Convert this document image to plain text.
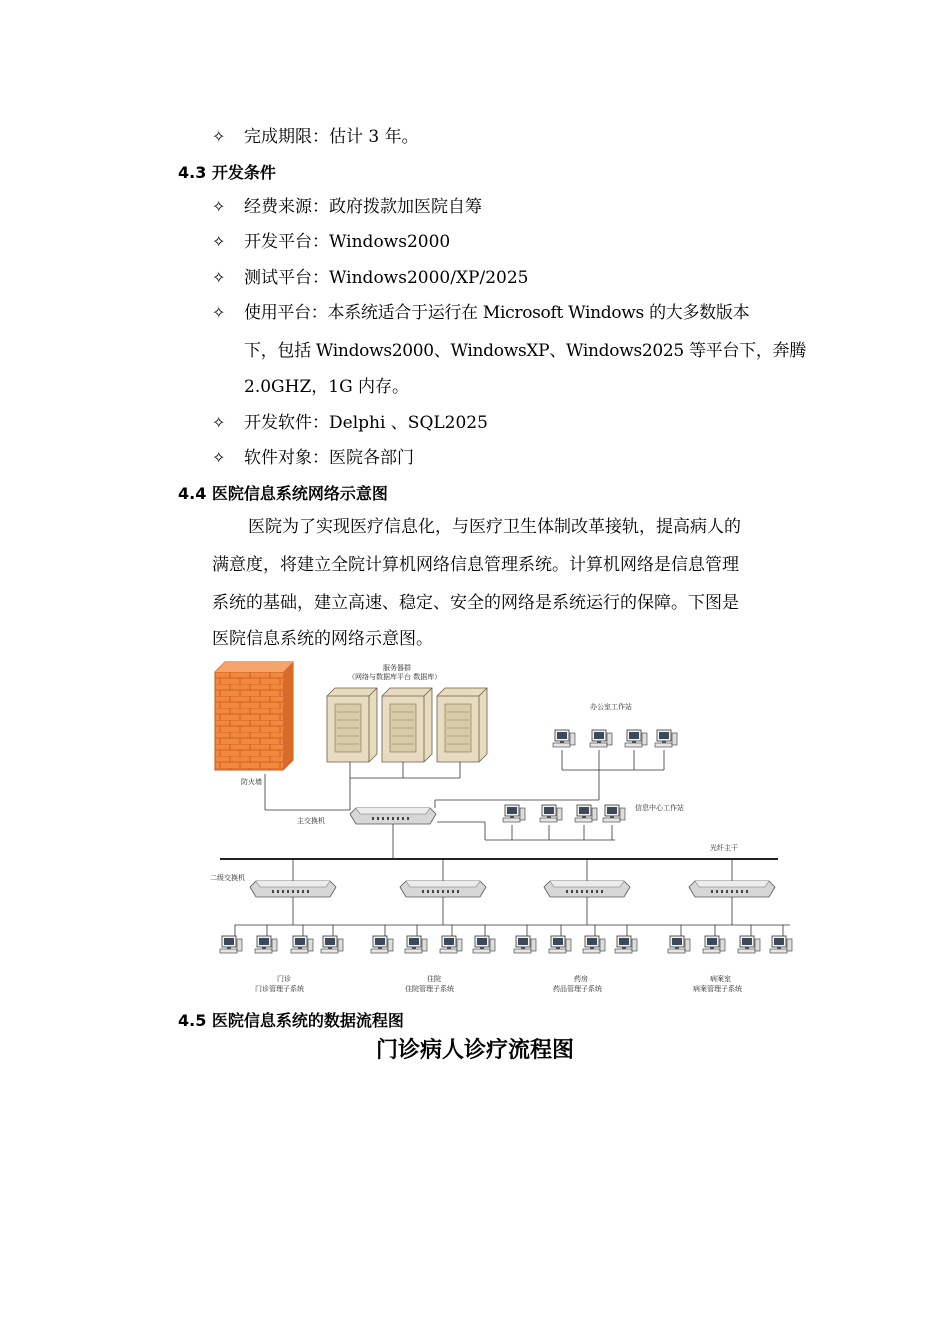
✧ 完成期限：估计 3 年。
4.3 开发条件
✧ 经费来源：政府拨款加医院自筹
✧ 开发平台：Windows2000
✧ 测试平台：Windows2000/XP/2025
✧ 使用平台：本系统适合于运行在 Microsoft Windows 的大多数版本
下，包括 Windows2000、WindowsXP、Windows2025 等平台下，奔腾
2.0GHZ，1G 内存。
✧ 开发软件：Delphi 、SQL2025
✧ 软件对象：医院各部门
4.4 医院信息系统网络示意图
医院为了实现医疗信息化，与医疗卫生体制改革接轨，提高病人的
满意度，将建立全院计算机网络信息管理系统。计算机网络是信息管理
系统的基础，建立高速、稳定、安全的网络是系统运行的保障。下图是
医院信息系统的网络示意图。
防火墙
服务器群
（网络与数据库平台 数据库）
主交换机
办公室工作站
信息中心工作站
光纤主干
二级交换机
门诊
门诊管理子系统
住院
住院管理子系统
药房
药品管理子系统
病案室
病案管理子系统
4.5 医院信息系统的数据流程图
门诊病人诊疗流程图
